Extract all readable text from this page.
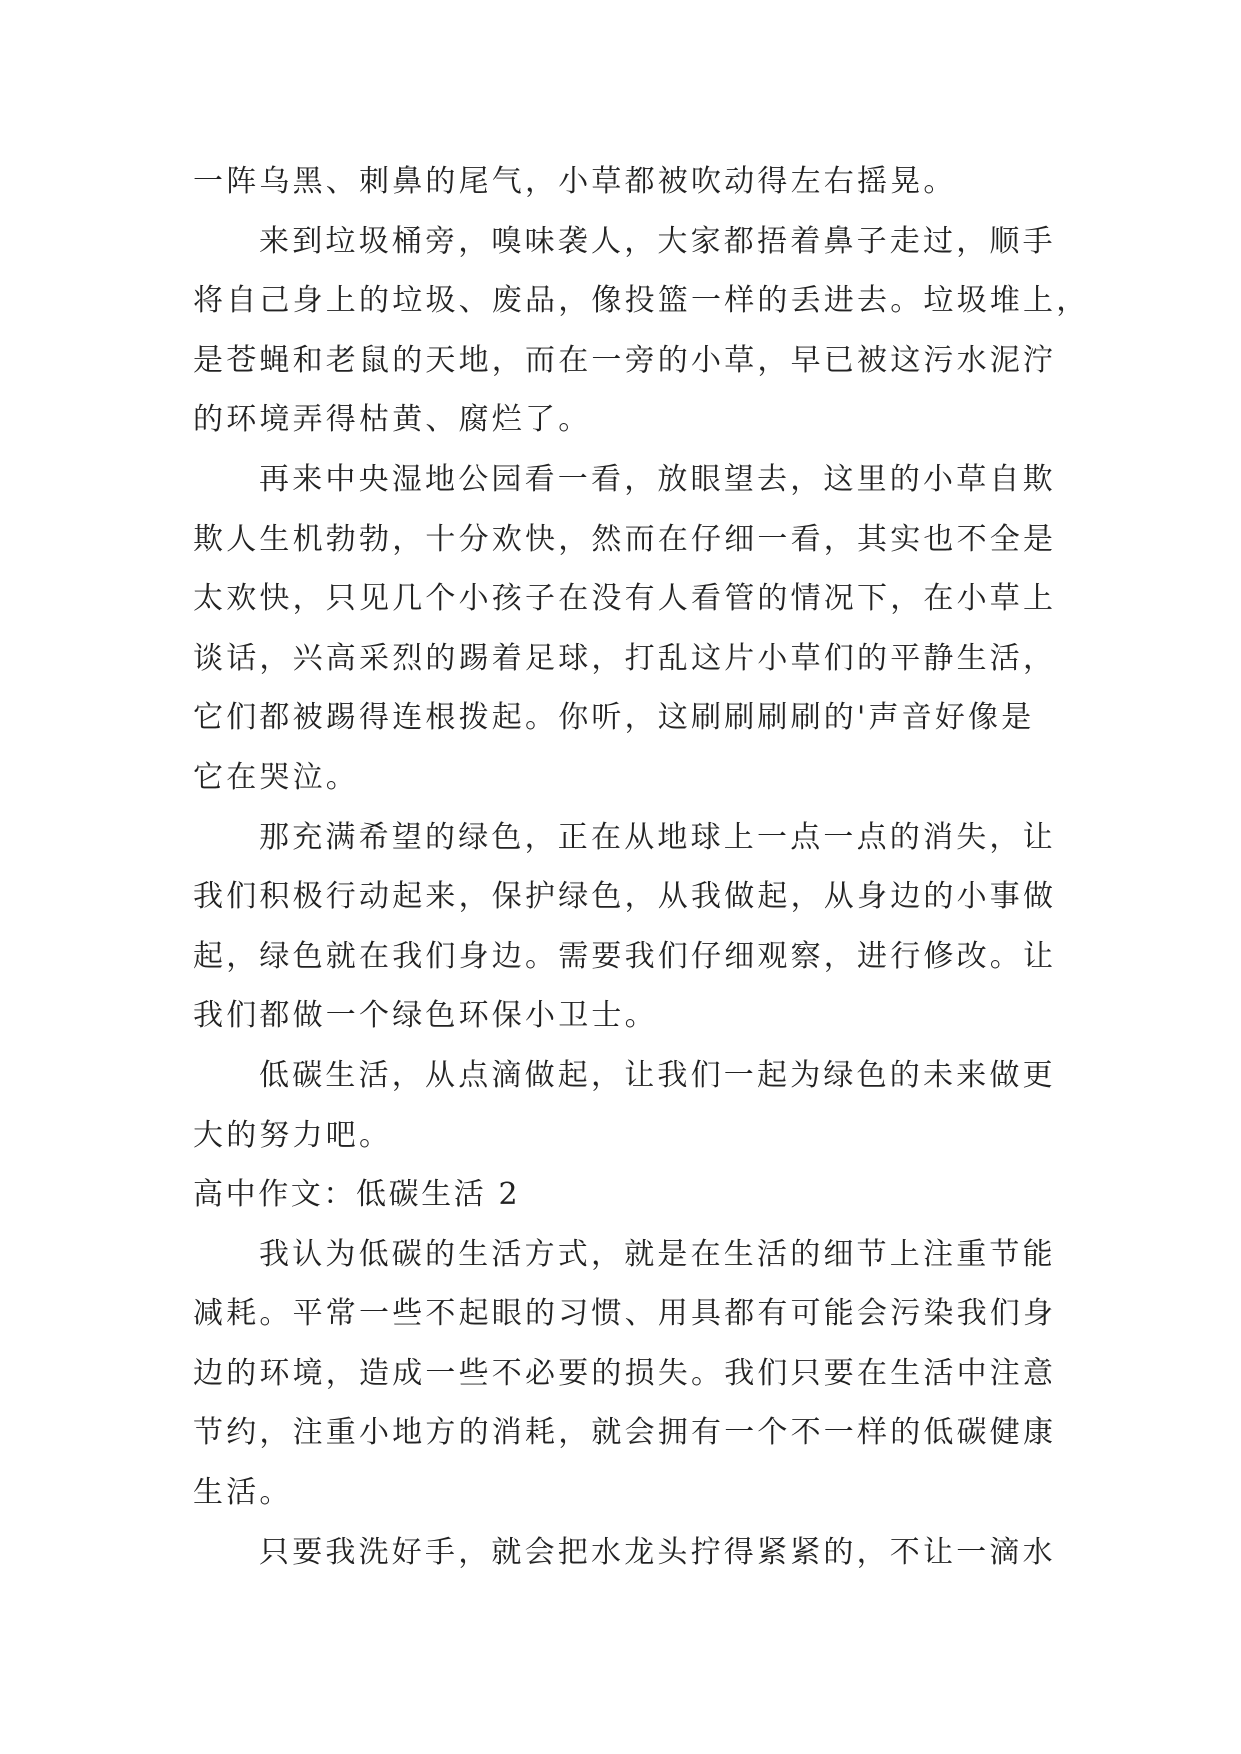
一阵乌黑、刺鼻的尾气，小草都被吹动得左右摇晃。
来到垃圾桶旁，嗅味袭人，大家都捂着鼻子走过，顺手
将自己身上的垃圾、废品，像投篮一样的丢进去。垃圾堆上，
是苍蝇和老鼠的天地，而在一旁的小草，早已被这污水泥泞
的环境弄得枯黄、腐烂了。
再来中央湿地公园看一看，放眼望去，这里的小草自欺
欺人生机勃勃，十分欢快，然而在仔细一看，其实也不全是
太欢快，只见几个小孩子在没有人看管的情况下，在小草上
谈话，兴高采烈的踢着足球，打乱这片小草们的平静生活，
它们都被踢得连根拨起。你听，这刷刷刷刷的'声音好像是
它在哭泣。
那充满希望的绿色，正在从地球上一点一点的消失，让
我们积极行动起来，保护绿色，从我做起，从身边的小事做
起，绿色就在我们身边。需要我们仔细观察，进行修改。让
我们都做一个绿色环保小卫士。
低碳生活，从点滴做起，让我们一起为绿色的未来做更
大的努力吧。
高中作文：低碳生活 2
我认为低碳的生活方式，就是在生活的细节上注重节能
减耗。平常一些不起眼的习惯、用具都有可能会污染我们身
边的环境，造成一些不必要的损失。我们只要在生活中注意
节约，注重小地方的消耗，就会拥有一个不一样的低碳健康
生活。
只要我洗好手，就会把水龙头拧得紧紧的，不让一滴水
